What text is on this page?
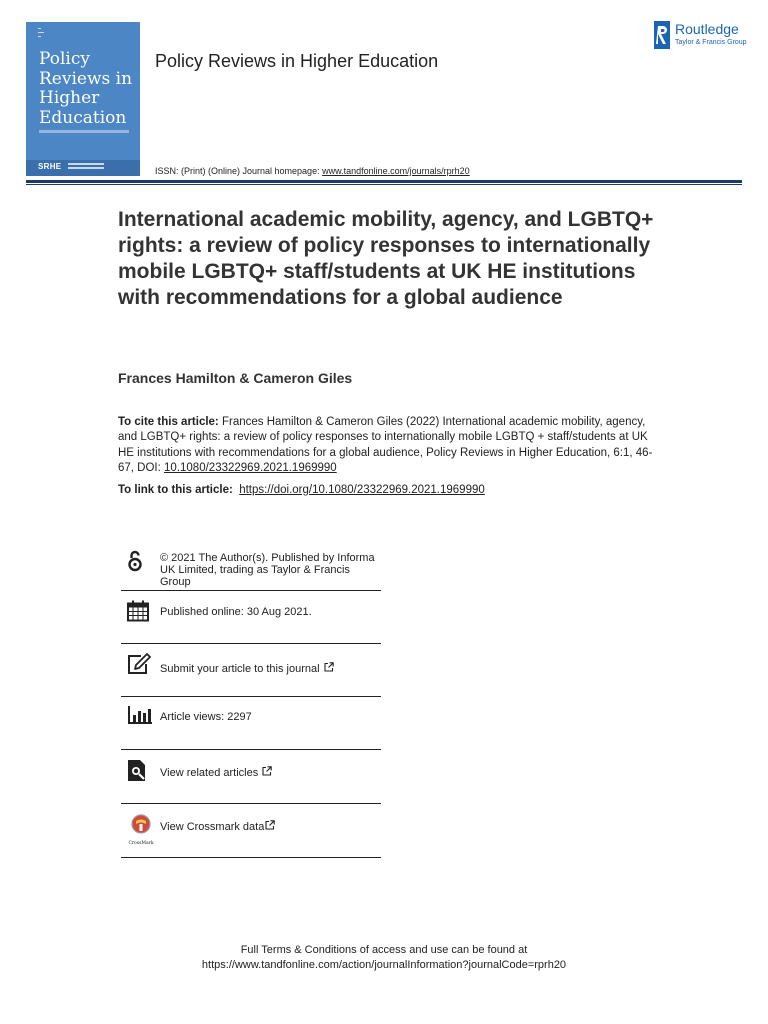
▬
▬▬
▬
Policy Reviews in Higher Education
SRHE
Policy Reviews in Higher Education
Routledge
Taylor & Francis Group
ISSN: (Print) (Online) Journal homepage: www.tandfonline.com/journals/rprh20
International academic mobility, agency, and LGBTQ+ rights: a review of policy responses to internationally mobile LGBTQ+ staff/students at UK HE institutions with recommendations for a global audience
Frances Hamilton & Cameron Giles
To cite this article: Frances Hamilton & Cameron Giles (2022) International academic mobility, agency, and LGBTQ+ rights: a review of policy responses to internationally mobile LGBTQ + staff/students at UK HE institutions with recommendations for a global audience, Policy Reviews in Higher Education, 6:1, 46-67, DOI: 10.1080/23322969.2021.1969990
To link to this article: https://doi.org/10.1080/23322969.2021.1969990
© 2021 The Author(s). Published by Informa UK Limited, trading as Taylor & Francis Group
Published online: 30 Aug 2021.
Submit your article to this journal
Article views: 2297
View related articles
CrossMark
View Crossmark data
Full Terms & Conditions of access and use can be found at
https://www.tandfonline.com/action/journalInformation?journalCode=rprh20
